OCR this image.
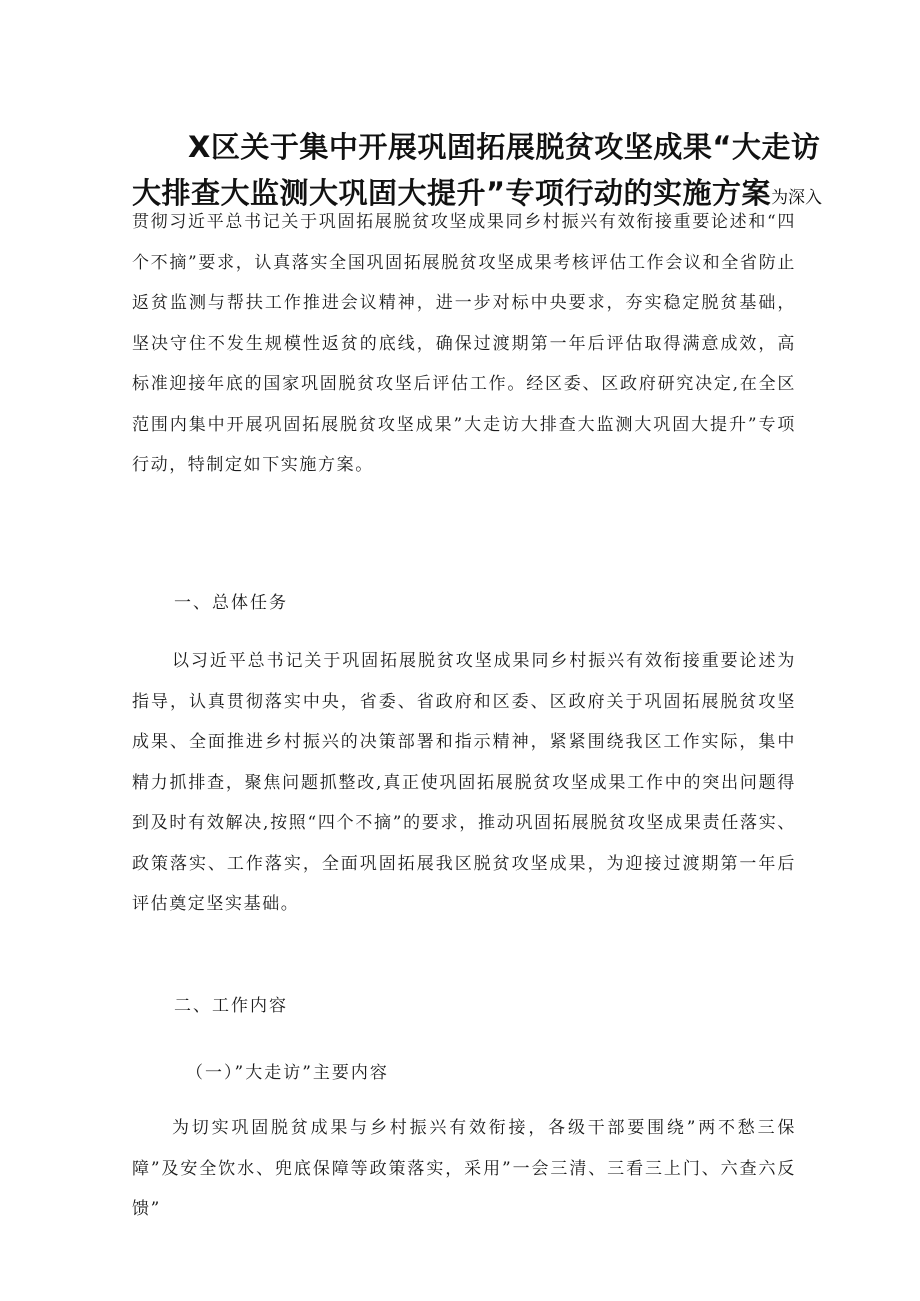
X区关于集中开展巩固拓展脱贫攻坚成果“大走访
大排查大监测大巩固大提升”专项行动的实施方案为深入

贯彻习近平总书记关于巩固拓展脱贫攻坚成果同乡村振兴有效衔接重要论述和“四个不摘”要求，认真落实全国巩固拓展脱贫攻坚成果考核评估工作会议和全省防止返贫监测与帮扶工作推进会议精神，进一步对标中央要求，夯实稳定脱贫基础，坚决守住不发生规模性返贫的底线，确保过渡期第一年后评估取得满意成效，高标准迎接年底的国家巩固脱贫攻坚后评估工作。经区委、区政府研究决定,在全区范围内集中开展巩固拓展脱贫攻坚成果”大走访大排查大监测大巩固大提升”专项行动，特制定如下实施方案。

一、总体任务

以习近平总书记关于巩固拓展脱贫攻坚成果同乡村振兴有效衔接重要论述为指导，认真贯彻落实中央，省委、省政府和区委、区政府关于巩固拓展脱贫攻坚成果、全面推进乡村振兴的决策部署和指示精神，紧紧围绕我区工作实际，集中精力抓排查，聚焦问题抓整改,真正使巩固拓展脱贫攻坚成果工作中的突出问题得到及时有效解决,按照“四个不摘”的要求，推动巩固拓展脱贫攻坚成果责任落实、政策落实、工作落实，全面巩固拓展我区脱贫攻坚成果，为迎接过渡期第一年后评估奠定坚实基础。

二、工作内容

（一）”大走访”主要内容

为切实巩固脱贫成果与乡村振兴有效衔接，各级干部要围绕”两不愁三保障”及安全饮水、兜底保障等政策落实，采用”一会三清、三看三上门、六查六反馈”
